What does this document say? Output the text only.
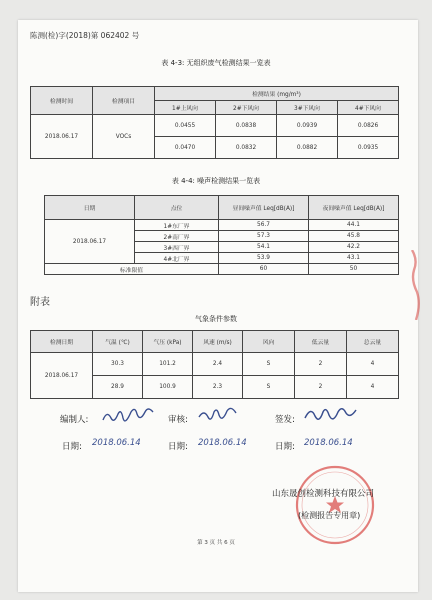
陈测(检)字(2018)第 062402 号
表 4-3: 无组织废气检测结果一览表
检测时间	检测项目	检测结果 (mg/m³)			
		1#上风向	2#下风向	3#下风向	4#下风向
2018.06.17	VOCs	0.0455	0.0838	0.0939	0.0826
		0.0470	0.0832	0.0882	0.0935
表 4-4: 噪声检测结果一览表
日期	点位	昼间噪声值 Leq[dB(A)]	夜间噪声值 Leq[dB(A)]
2018.06.17	1#东厂界	56.7	44.1
	2#南厂界	57.3	45.8
	3#西厂界	54.1	42.2
	4#北厂界	53.9	43.1
标准限值		60	50
附表
气象条件参数
检测日期	气温 (℃)	气压 (kPa)	风速 (m/s)	风向	低云量	总云量
2018.06.17	30.3	101.2	2.4	S	2	4
	28.9	100.9	2.3	S	2	4
编制人:	审核:	签发:
日期: 2018.06.14	日期: 2018.06.14	日期: 2018.06.14
山东晟创检测科技有限公司
(检测报告专用章)
第 3 页 共 6 页
